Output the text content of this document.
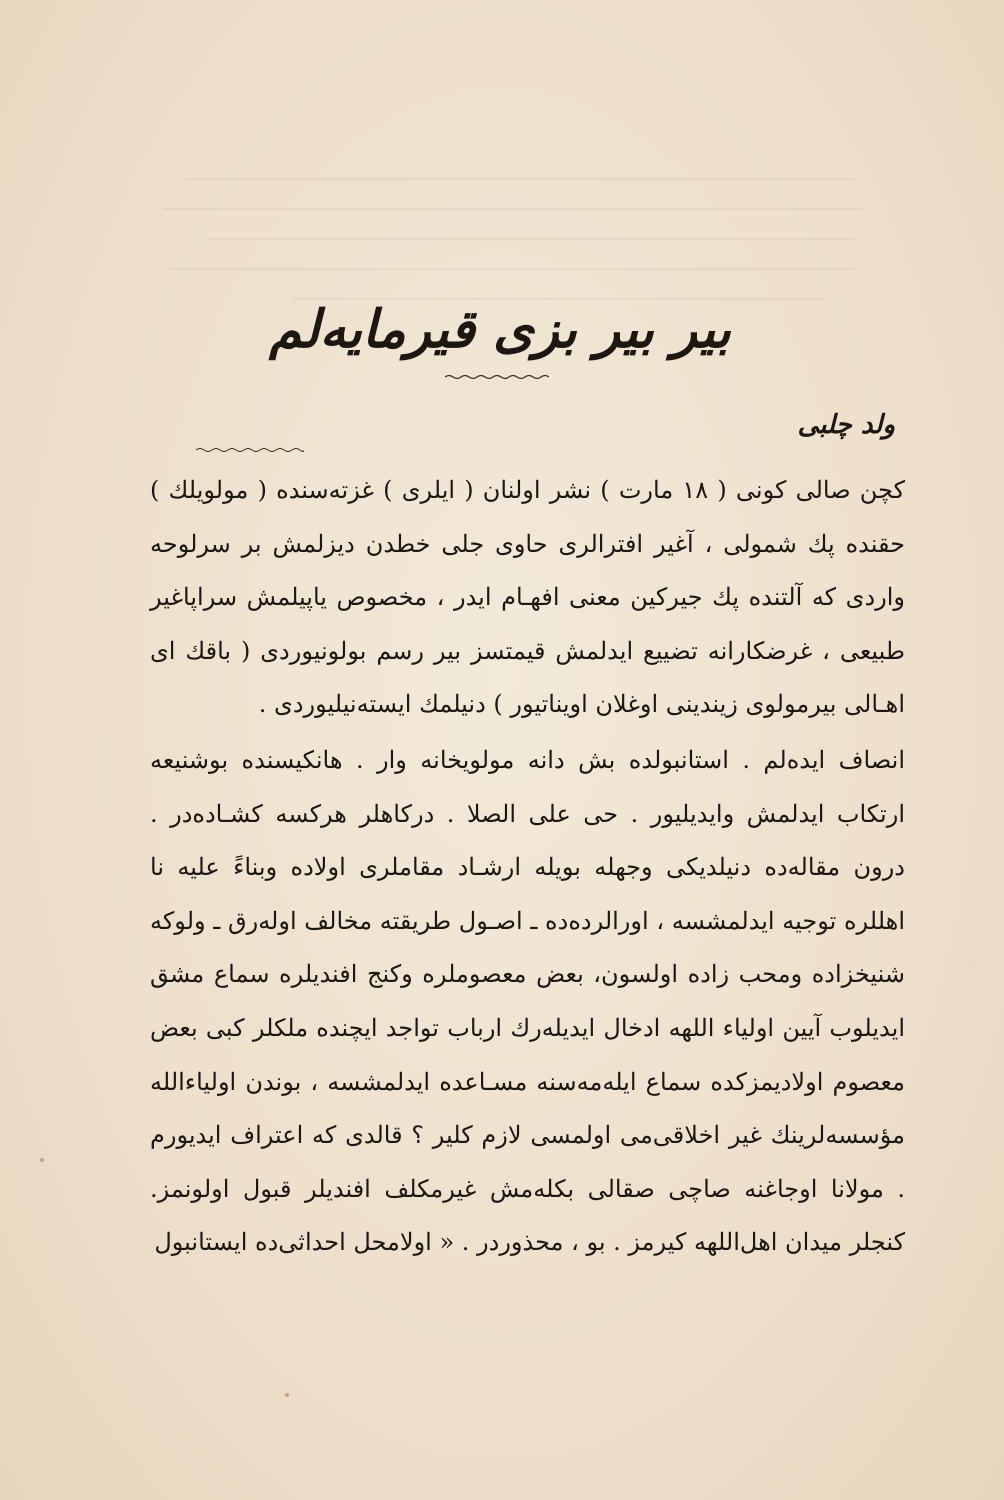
بیر بیر بزی قیرمایه‌لم
ولد چلبی

کچن صالی کونی ( ۱۸ مارت ) نشر اولنان ( ایلری ) غزته‌سنده ( مولویلك ) حقنده پك شمولی ، آغیر افترالری حاوی جلی خطدن دیزلمش بر سرلوحه واردی که آلتنده پك جیرکین معنی افهـام ایدر ، مخصوص یاپیلمش سراپاغیر طبیعی ، غرضکارانه تضییع ایدلمش قیمتسز بیر رسم بولونیوردی ( باقك ای اهـالی بیرمولوی زیندینی اوغلان اویناتیور ) دنیلمك ایسته‌نیلیوردی .

انصاف ایده‌لم . استانبولده بش دانه مولویخانه وار . هانکیسنده بوشنیعه ارتکاب ایدلمش وایدیلیور . حی علی الصلا . درکاهلر هرکسه کشـاده‌در . درون مقاله‌ده دنیلدیکی وجهله بویله ارشـاد مقاملری اولاده وبناءً علیه نا اهللره توجیه ایدلمشسه ، اورالرده‌ده ـ اصـول طریقته مخالف اوله‌رق ـ ولوکه شنیخزاده ومحب زاده اولسون، بعض معصوملره وکنج افندیلره سماع مشق ایدیلوب آیین اولیاء اللهه ادخال ایدیله‌رك ارباب تواجد ایچنده ملکلر کبی بعض معصوم اولادیمزکده سماع ایله‌مه‌سنه مسـاعده ایدلمشسه ، بوندن اولیاءالله مؤسسه‌لرینك غیر اخلاقی‌می اولمسی لازم کلیر ؟ قالدی که اعتراف ایدیورم . مولانا اوجاغنه صاچی صقالی بکله‌مش غیرمکلف افندیلر قبول اولونمز. کنجلر میدان اهل‌اللهه کیرمز . بو ، محذوردر . « اولامحل احداثی‌ده ایستانبول
